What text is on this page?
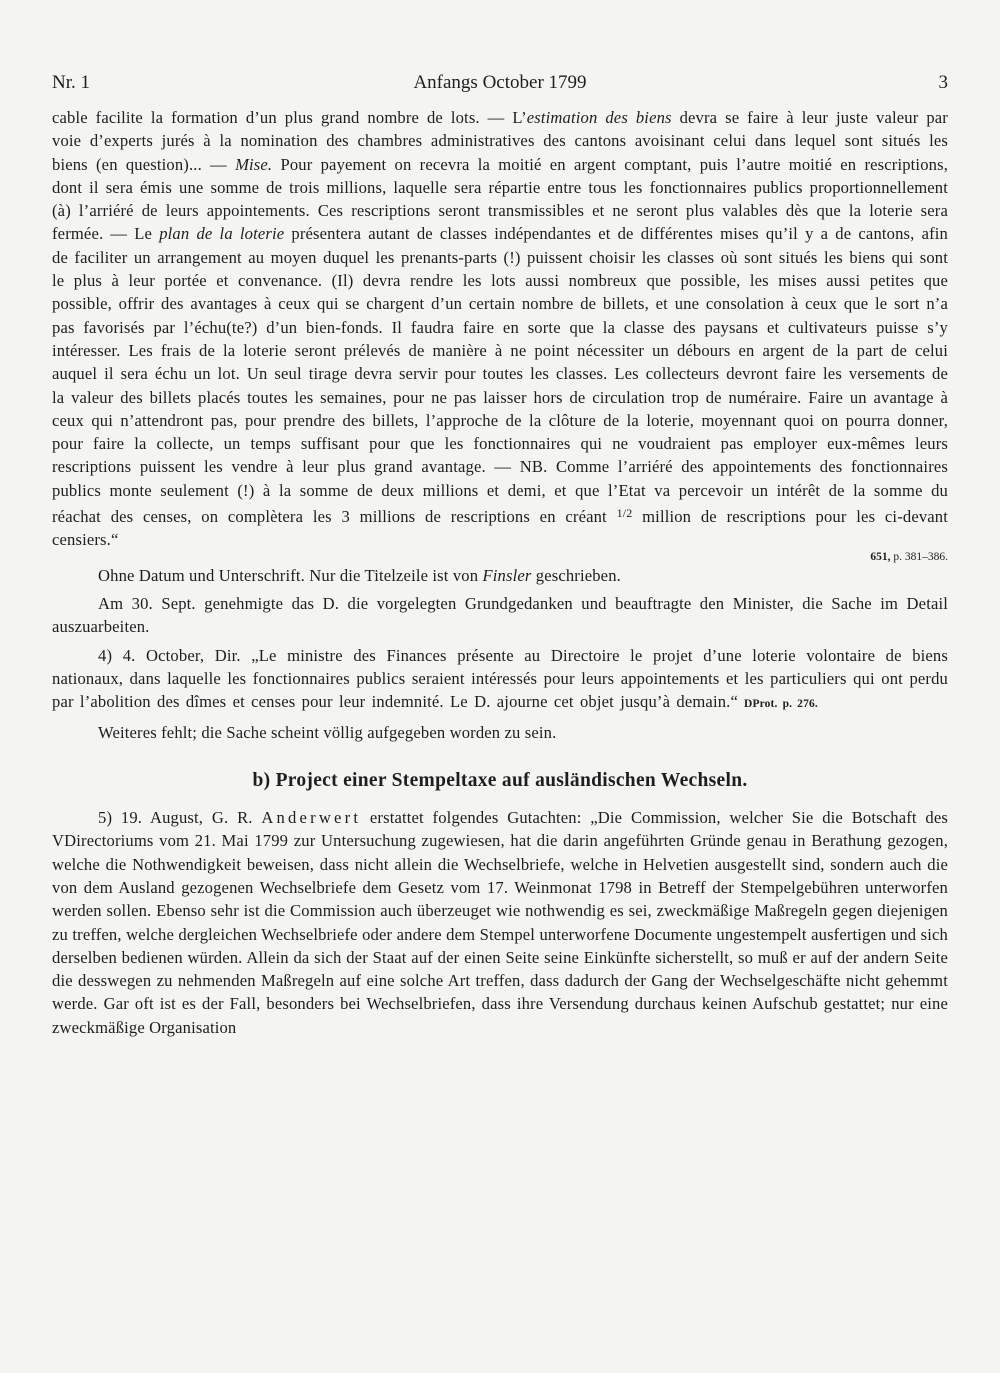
Nr. 1	Anfangs October 1799	3

cable facilite la formation d’un plus grand nombre de lots. — L’estimation des biens devra se faire à leur juste valeur par voie d’experts jurés à la nomination des chambres administratives des cantons avoisinant celui dans lequel sont situés les biens (en question)... — Mise. Pour payement on recevra la moitié en argent comptant, puis l’autre moitié en rescriptions, dont il sera émis une somme de trois millions, laquelle sera répartie entre tous les fonctionnaires publics proportionnellement (à) l’arriéré de leurs appointements. Ces rescriptions seront transmissibles et ne seront plus valables dès que la loterie sera fermée. — Le plan de la loterie présentera autant de classes indépendantes et de différentes mises qu’il y a de cantons, afin de faciliter un arrangement au moyen duquel les prenants-parts (!) puissent choisir les classes où sont situés les biens qui sont le plus à leur portée et convenance. (Il) devra rendre les lots aussi nombreux que possible, les mises aussi petites que possible, offrir des avantages à ceux qui se chargent d’un certain nombre de billets, et une consolation à ceux que le sort n’a pas favorisés par l’échu(te?) d’un bien-fonds. Il faudra faire en sorte que la classe des paysans et cultivateurs puisse s’y intéresser. Les frais de la loterie seront prélevés de manière à ne point nécessiter un débours en argent de la part de celui auquel il sera échu un lot. Un seul tirage devra servir pour toutes les classes. Les collecteurs devront faire les versements de la valeur des billets placés toutes les semaines, pour ne pas laisser hors de circulation trop de numéraire. Faire un avantage à ceux qui n’attendront pas, pour prendre des billets, l’approche de la clôture de la loterie, moyennant quoi on pourra donner, pour faire la collecte, un temps suffisant pour que les fonctionnaires qui ne voudraient pas employer eux-mêmes leurs rescriptions puissent les vendre à leur plus grand avantage. — NB. Comme l’arriéré des appointements des fonctionnaires publics monte seulement (!) à la somme de deux millions et demi, et que l’Etat va percevoir un intérêt de la somme du réachat des censes, on complètera les 3 millions de rescriptions en créant $^{1/2}$ million de rescriptions pour les ci-devant censiers.“

651, p. 381–386.

Ohne Datum und Unterschrift. Nur die Titelzeile ist von Finsler geschrieben.

Am 30. Sept. genehmigte das D. die vorgelegten Grundgedanken und beauftragte den Minister, die Sache im Detail auszuarbeiten.

4) 4. October, Dir. „Le ministre des Finances présente au Directoire le projet d’une loterie volontaire de biens nationaux, dans laquelle les fonctionnaires publics seraient intéressés pour leurs appointements et les particuliers qui ont perdu par l’abolition des dîmes et censes pour leur indemnité. Le D. ajourne cet objet jusqu’à demain.“ DProt. p. 276.

Weiteres fehlt; die Sache scheint völlig aufgegeben worden zu sein.

b) Project einer Stempeltaxe auf ausländischen Wechseln.

5) 19. August, G. R. Anderwert erstattet folgendes Gutachten: „Die Commission, welcher Sie die Botschaft des VDirectoriums vom 21. Mai 1799 zur Untersuchung zugewiesen, hat die darin angeführten Gründe genau in Berathung gezogen, welche die Nothwendigkeit beweisen, dass nicht allein die Wechselbriefe, welche in Helvetien ausgestellt sind, sondern auch die von dem Ausland gezogenen Wechselbriefe dem Gesetz vom 17. Weinmonat 1798 in Betreff der Stempelgebühren unterworfen werden sollen. Ebenso sehr ist die Commission auch überzeuget wie nothwendig es sei, zweckmäßige Maßregeln gegen diejenigen zu treffen, welche dergleichen Wechselbriefe oder andere dem Stempel unterworfene Documente ungestempelt ausfertigen und sich derselben bedienen würden. Allein da sich der Staat auf der einen Seite seine Einkünfte sicherstellt, so muß er auf der andern Seite die desswegen zu nehmenden Maßregeln auf eine solche Art treffen, dass dadurch der Gang der Wechselgeschäfte nicht gehemmt werde. Gar oft ist es der Fall, besonders bei Wechselbriefen, dass ihre Versendung durchaus keinen Aufschub gestattet; nur eine zweckmäßige Organisation
